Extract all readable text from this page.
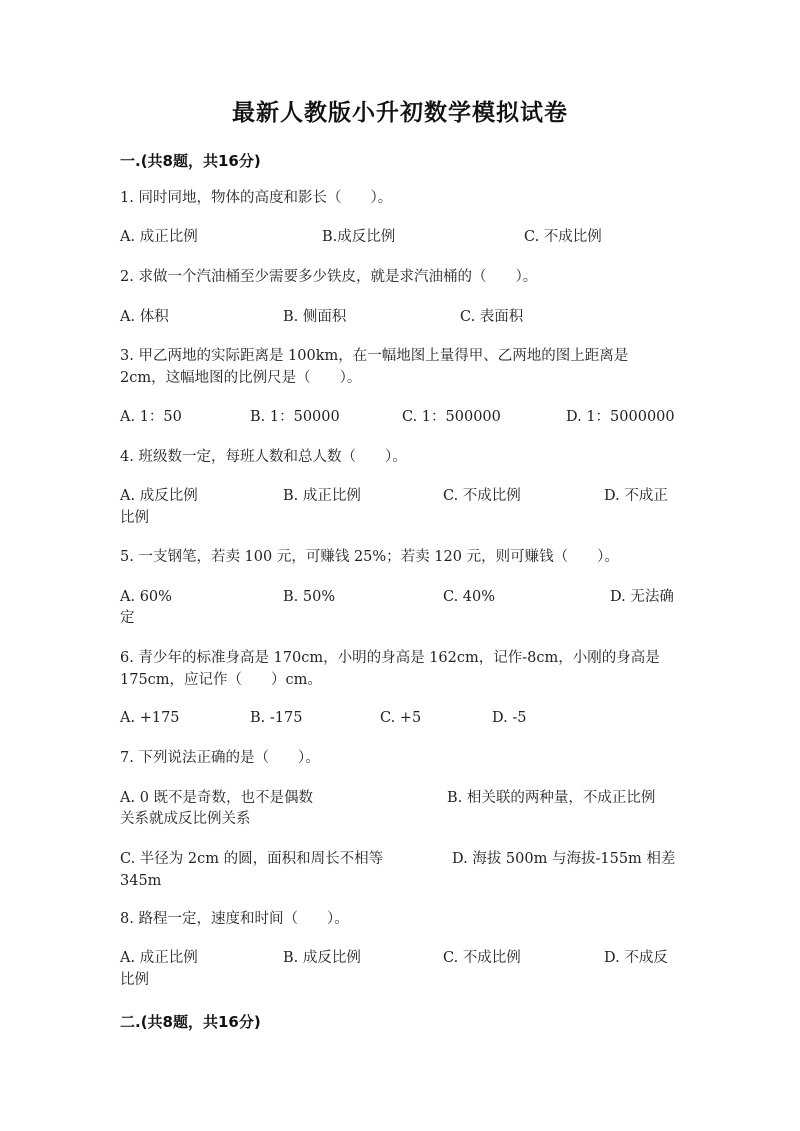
最新人教版小升初数学模拟试卷
一.(共8题，共16分)
1. 同时同地，物体的高度和影长（　　）。
A. 成正比例	B.成反比例	C. 不成比例
2. 求做一个汽油桶至少需要多少铁皮，就是求汽油桶的（　　）。
A. 体积	B. 侧面积	C. 表面积
3. 甲乙两地的实际距离是 100km，在一幅地图上量得甲、乙两地的图上距离是
2cm，这幅地图的比例尺是（　　）。
A. 1：50	B. 1：50000	C. 1：500000	D. 1：5000000
4. 班级数一定，每班人数和总人数（　　）。
A. 成反比例	B. 成正比例	C. 不成比例	D. 不成正
比例
5. 一支钢笔，若卖 100 元，可赚钱 25%；若卖 120 元，则可赚钱（　　）。
A. 60%	B. 50%	C. 40%	D. 无法确
定
6. 青少年的标准身高是 170cm，小明的身高是 162cm，记作-8cm，小刚的身高是
175cm，应记作（　　）cm。
A. +175	B. -175	C. +5	D. -5
7. 下列说法正确的是（　　）。
A. 0 既不是奇数，也不是偶数	B. 相关联的两种量，不成正比例
关系就成反比例关系
C. 半径为 2cm 的圆，面积和周长不相等	D. 海拔 500m 与海拔-155m 相差
345m
8. 路程一定，速度和时间（　　）。
A. 成正比例	B. 成反比例	C. 不成比例	D. 不成反
比例
二.(共8题，共16分)
